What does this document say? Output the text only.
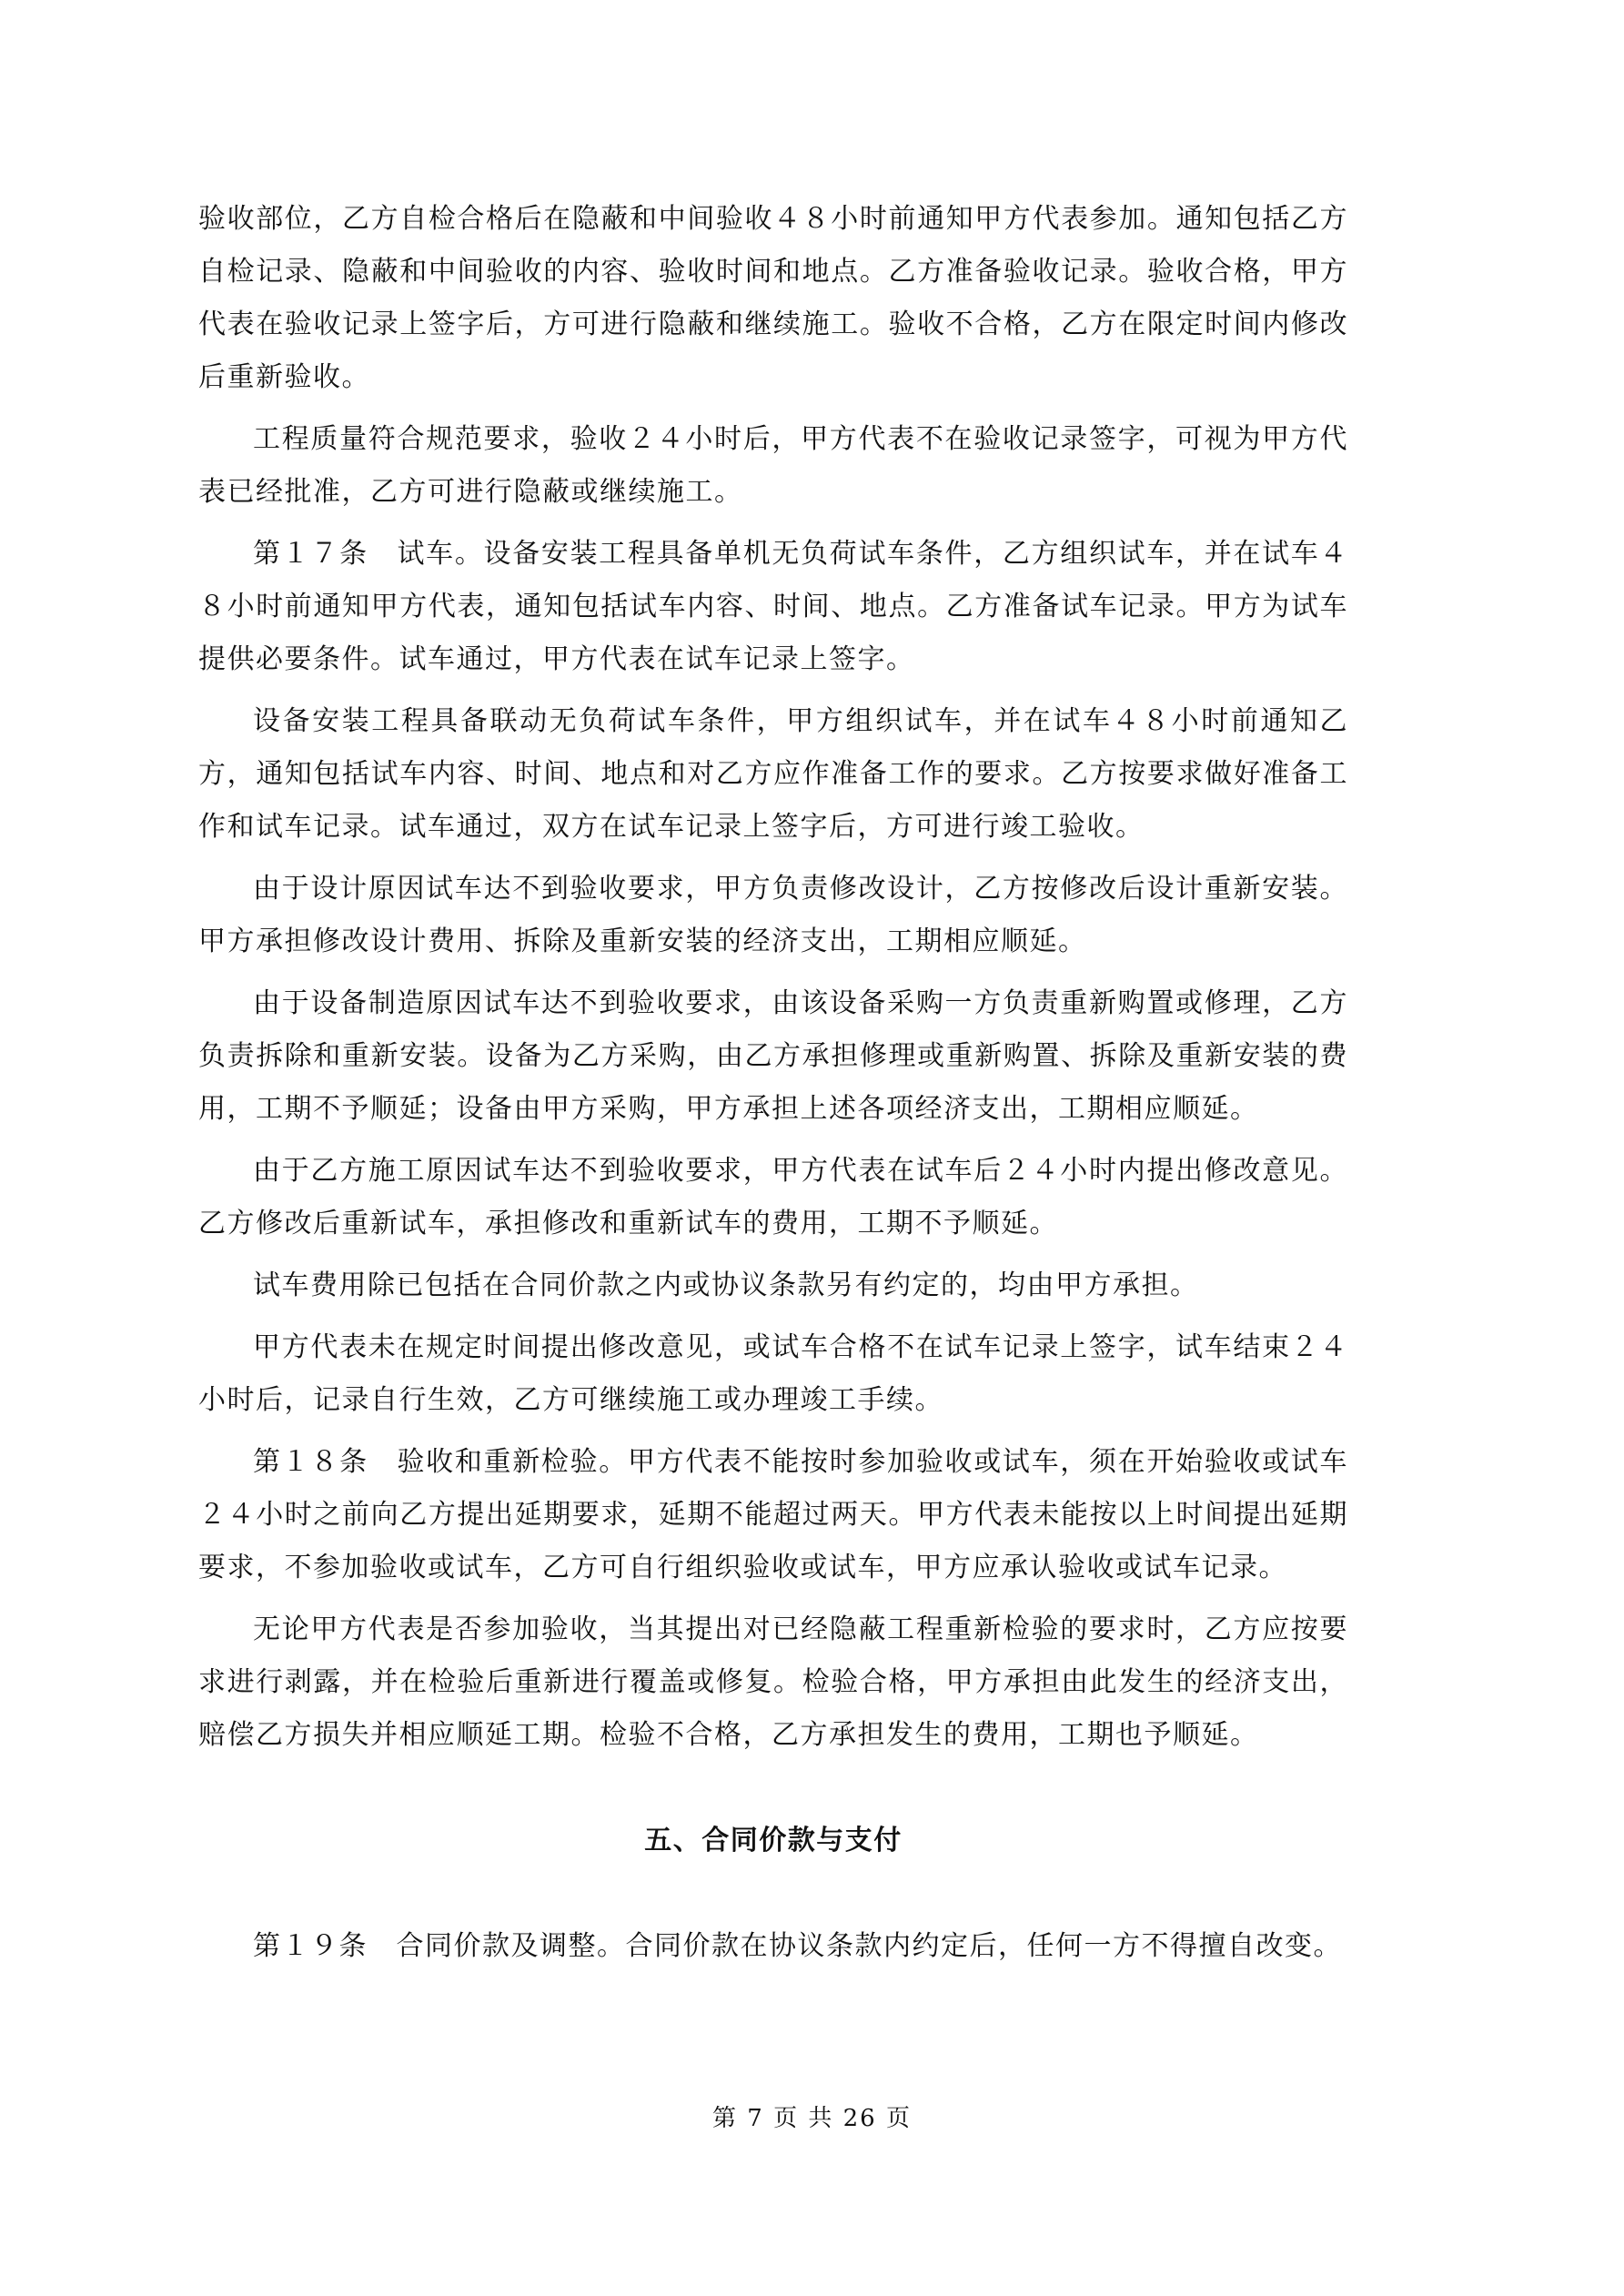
验收部位，乙方自检合格后在隐蔽和中间验收４８小时前通知甲方代表参加。通知包括乙方自检记录、隐蔽和中间验收的内容、验收时间和地点。乙方准备验收记录。验收合格，甲方代表在验收记录上签字后，方可进行隐蔽和继续施工。验收不合格，乙方在限定时间内修改后重新验收。

工程质量符合规范要求，验收２４小时后，甲方代表不在验收记录签字，可视为甲方代表已经批准，乙方可进行隐蔽或继续施工。

第１７条　试车。设备安装工程具备单机无负荷试车条件，乙方组织试车，并在试车４８小时前通知甲方代表，通知包括试车内容、时间、地点。乙方准备试车记录。甲方为试车提供必要条件。试车通过，甲方代表在试车记录上签字。

设备安装工程具备联动无负荷试车条件，甲方组织试车，并在试车４８小时前通知乙方，通知包括试车内容、时间、地点和对乙方应作准备工作的要求。乙方按要求做好准备工作和试车记录。试车通过，双方在试车记录上签字后，方可进行竣工验收。

由于设计原因试车达不到验收要求，甲方负责修改设计，乙方按修改后设计重新安装。甲方承担修改设计费用、拆除及重新安装的经济支出，工期相应顺延。

由于设备制造原因试车达不到验收要求，由该设备采购一方负责重新购置或修理，乙方负责拆除和重新安装。设备为乙方采购，由乙方承担修理或重新购置、拆除及重新安装的费用，工期不予顺延；设备由甲方采购，甲方承担上述各项经济支出，工期相应顺延。

由于乙方施工原因试车达不到验收要求，甲方代表在试车后２４小时内提出修改意见。乙方修改后重新试车，承担修改和重新试车的费用，工期不予顺延。

试车费用除已包括在合同价款之内或协议条款另有约定的，均由甲方承担。

甲方代表未在规定时间提出修改意见，或试车合格不在试车记录上签字，试车结束２４小时后，记录自行生效，乙方可继续施工或办理竣工手续。

第１８条　验收和重新检验。甲方代表不能按时参加验收或试车，须在开始验收或试车２４小时之前向乙方提出延期要求，延期不能超过两天。甲方代表未能按以上时间提出延期要求，不参加验收或试车，乙方可自行组织验收或试车，甲方应承认验收或试车记录。

无论甲方代表是否参加验收，当其提出对已经隐蔽工程重新检验的要求时，乙方应按要求进行剥露，并在检验后重新进行覆盖或修复。检验合格，甲方承担由此发生的经济支出，赔偿乙方损失并相应顺延工期。检验不合格，乙方承担发生的费用，工期也予顺延。

五、合同价款与支付

第１９条　合同价款及调整。合同价款在协议条款内约定后，任何一方不得擅自改变。

第 7 页 共 26 页
